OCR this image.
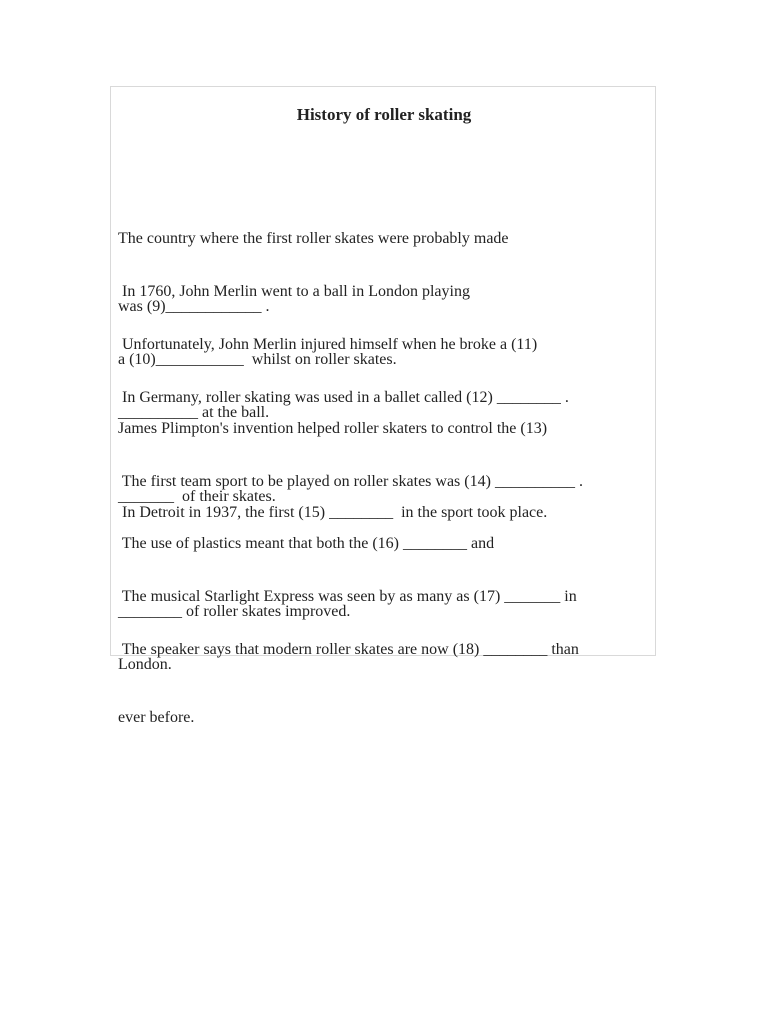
History of roller skating

The country where the first roller skates were probably made

was (9)____________ .

In 1760, John Merlin went to a ball in London playing

a (10)___________  whilst on roller skates.

Unfortunately, John Merlin injured himself when he broke a (11)

__________ at the ball.

In Germany, roller skating was used in a ballet called (12) ________ .

James Plimpton's invention helped roller skaters to control the (13)

_______  of their skates.

The first team sport to be played on roller skates was (14) __________ .

In Detroit in 1937, the first (15) ________  in the sport took place.

The use of plastics meant that both the (16) ________ and

________ of roller skates improved.

The musical Starlight Express was seen by as many as (17) _______ in

London.

The speaker says that modern roller skates are now (18) ________ than

ever before.
